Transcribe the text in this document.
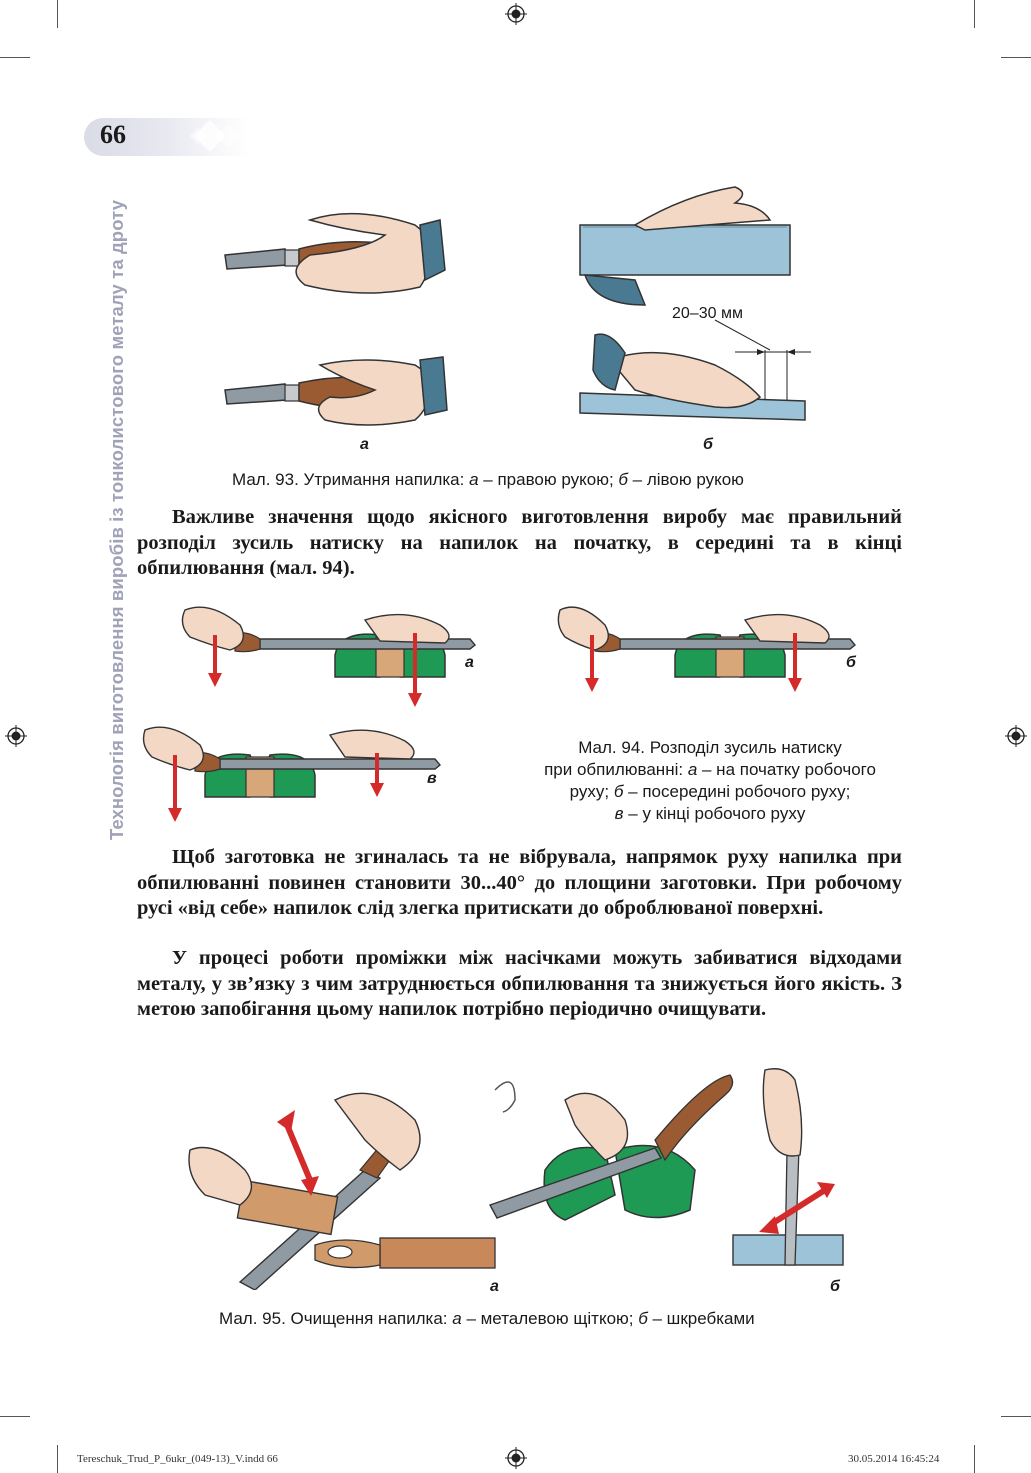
66
Технологія виготовлення виробів із тонколистового металу та дроту	20–30 мм
а	б
Мал. 93. Утримання напилка: а – правою рукою; б – лівою рукою

Важливе значення щодо якісного виготовлення виробу має правильний розподіл зусиль натиску на напилок на початку, в середині та в кінці обпилювання (мал. 94).

а	б
в
Мал. 94. Розподіл зусиль натиску
при обпилюванні: а – на початку робочого
руху; б – посередині робочого руху;
в – у кінці робочого руху

Щоб заготовка не згиналась та не вібрувала, напрямок руху напилка при обпилюванні повинен становити 30...40° до площини заготовки. При робочому русі «від себе» напилок слід злегка притискати до оброблюваної поверхні.

У процесі роботи проміжки між насічками можуть забиватися відходами металу, у зв’язку з чим затруднюється обпилювання та знижується його якість. З метою запобігання цьому напилок потрібно періодично очищувати.

а	б
Мал. 95. Очищення напилка: а – металевою щіткою; б – шкребками
Tereschuk_Trud_P_6ukr_(049-13)_V.indd 66	30.05.2014 16:45:24
